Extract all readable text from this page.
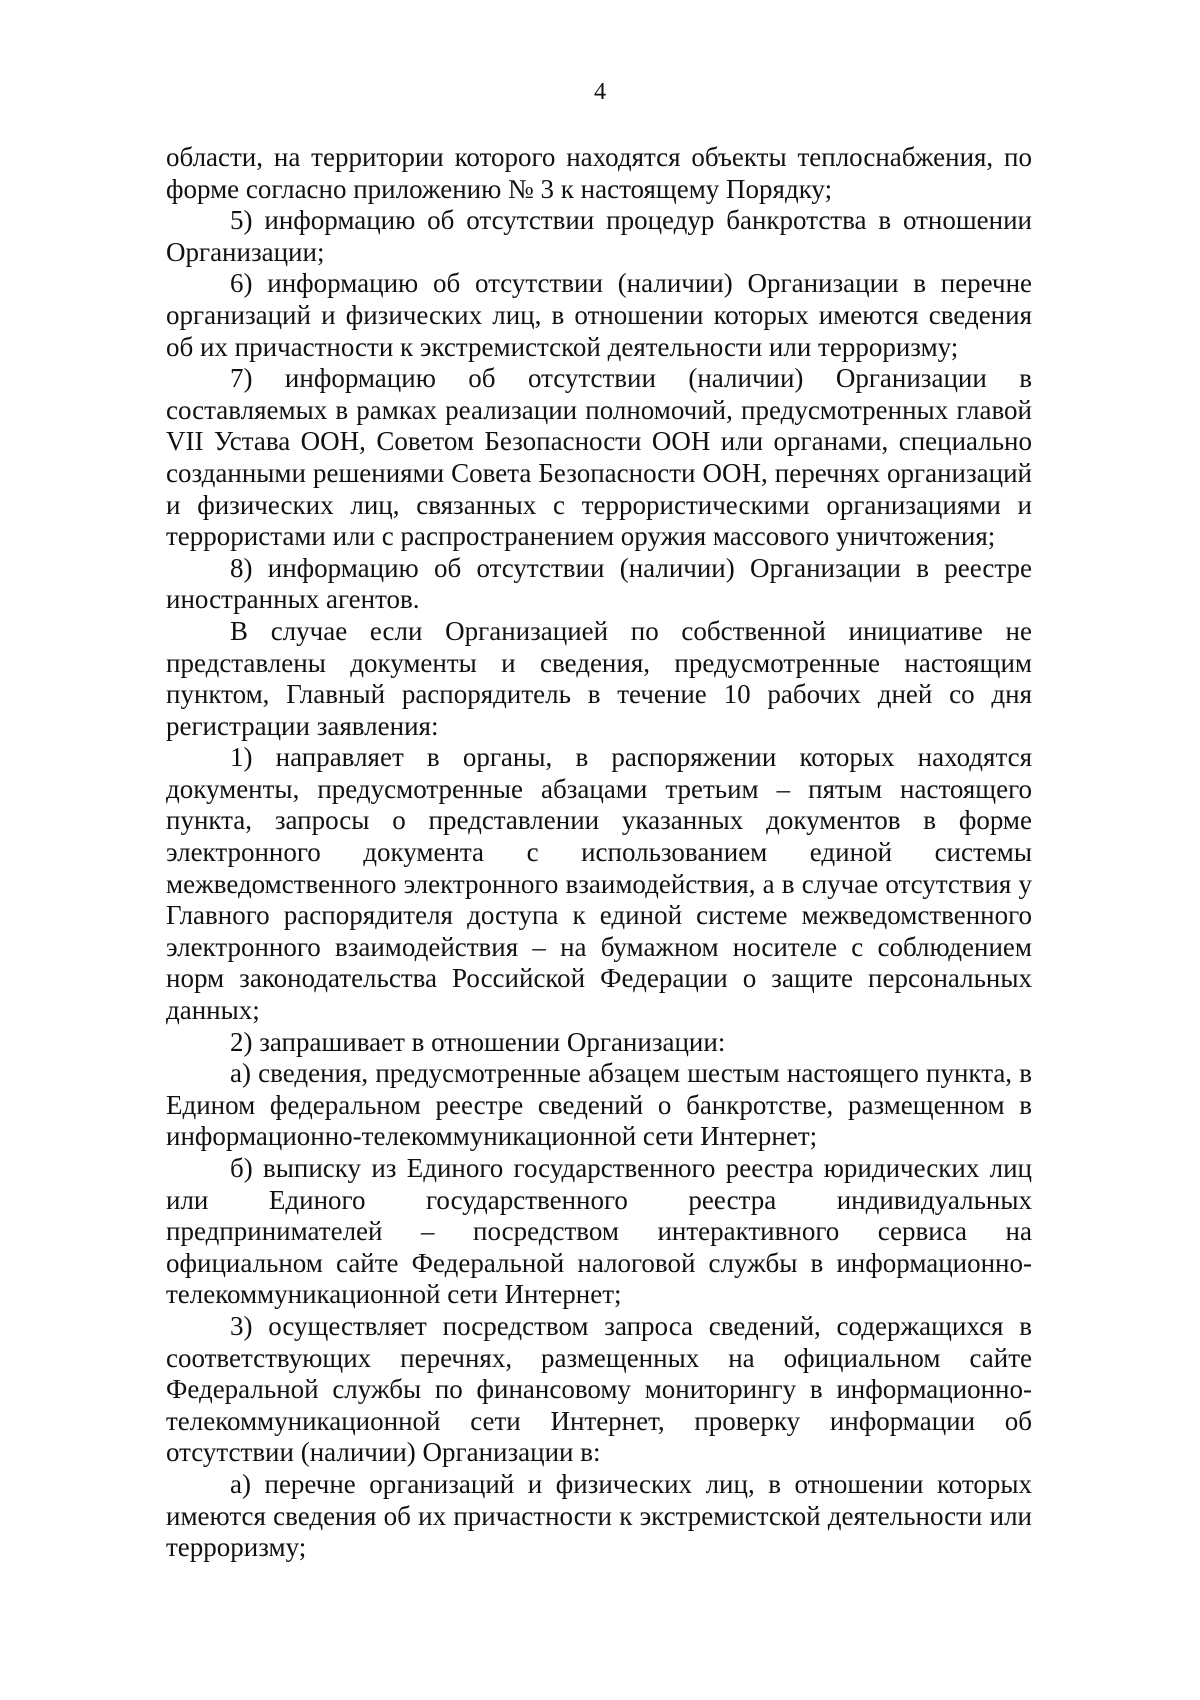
4

области, на территории которого находятся объекты теплоснабжения, по форме согласно приложению № 3 к настоящему Порядку;

5) информацию об отсутствии процедур банкротства в отношении Организации;

6) информацию об отсутствии (наличии) Организации в перечне организаций и физических лиц, в отношении которых имеются сведения об их причастности к экстремистской деятельности или терроризму;

7) информацию об отсутствии (наличии) Организации в составляемых в рамках реализации полномочий, предусмотренных главой VII Устава ООН, Советом Безопасности ООН или органами, специально созданными решениями Совета Безопасности ООН, перечнях организаций и физических лиц, связанных с террористическими организациями и террористами или с распространением оружия массового уничтожения;

8) информацию об отсутствии (наличии) Организации в реестре иностранных агентов.

В случае если Организацией по собственной инициативе не представлены документы и сведения, предусмотренные настоящим пунктом, Главный распорядитель в течение 10 рабочих дней со дня регистрации заявления:

1) направляет в органы, в распоряжении которых находятся документы, предусмотренные абзацами третьим – пятым настоящего пункта, запросы о представлении указанных документов в форме электронного документа с использованием единой системы межведомственного электронного взаимодействия, а в случае отсутствия у Главного распорядителя доступа к единой системе межведомственного электронного взаимодействия – на бумажном носителе с соблюдением норм законодательства Российской Федерации о защите персональных данных;

2) запрашивает в отношении Организации:

а) сведения, предусмотренные абзацем шестым настоящего пункта, в Едином федеральном реестре сведений о банкротстве, размещенном в информационно-телекоммуникационной сети Интернет;

б) выписку из Единого государственного реестра юридических лиц или Единого государственного реестра индивидуальных предпринимателей – посредством интерактивного сервиса на официальном сайте Федеральной налоговой службы в информационно-телекоммуникационной сети Интернет;

3) осуществляет посредством запроса сведений, содержащихся в соответствующих перечнях, размещенных на официальном сайте Федеральной службы по финансовому мониторингу в информационно-телекоммуникационной сети Интернет, проверку информации об отсутствии (наличии) Организации в:

а) перечне организаций и физических лиц, в отношении которых имеются сведения об их причастности к экстремистской деятельности или терроризму;
